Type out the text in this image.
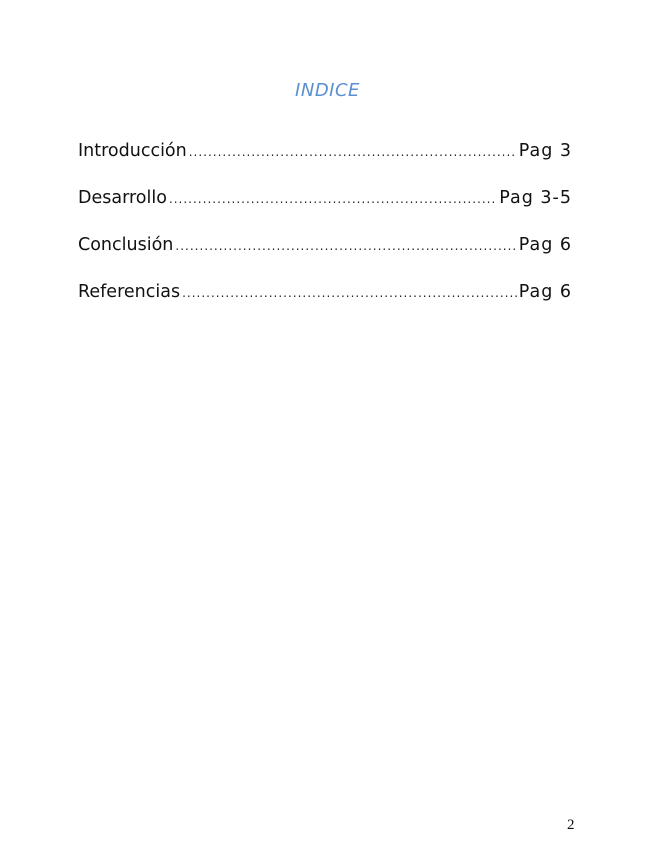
INDICE
Introducción .....	Pag 3
Desarrollo .....	Pag 3-5
Conclusión .....	Pag 6
Referencias .....	Pag 6
2
